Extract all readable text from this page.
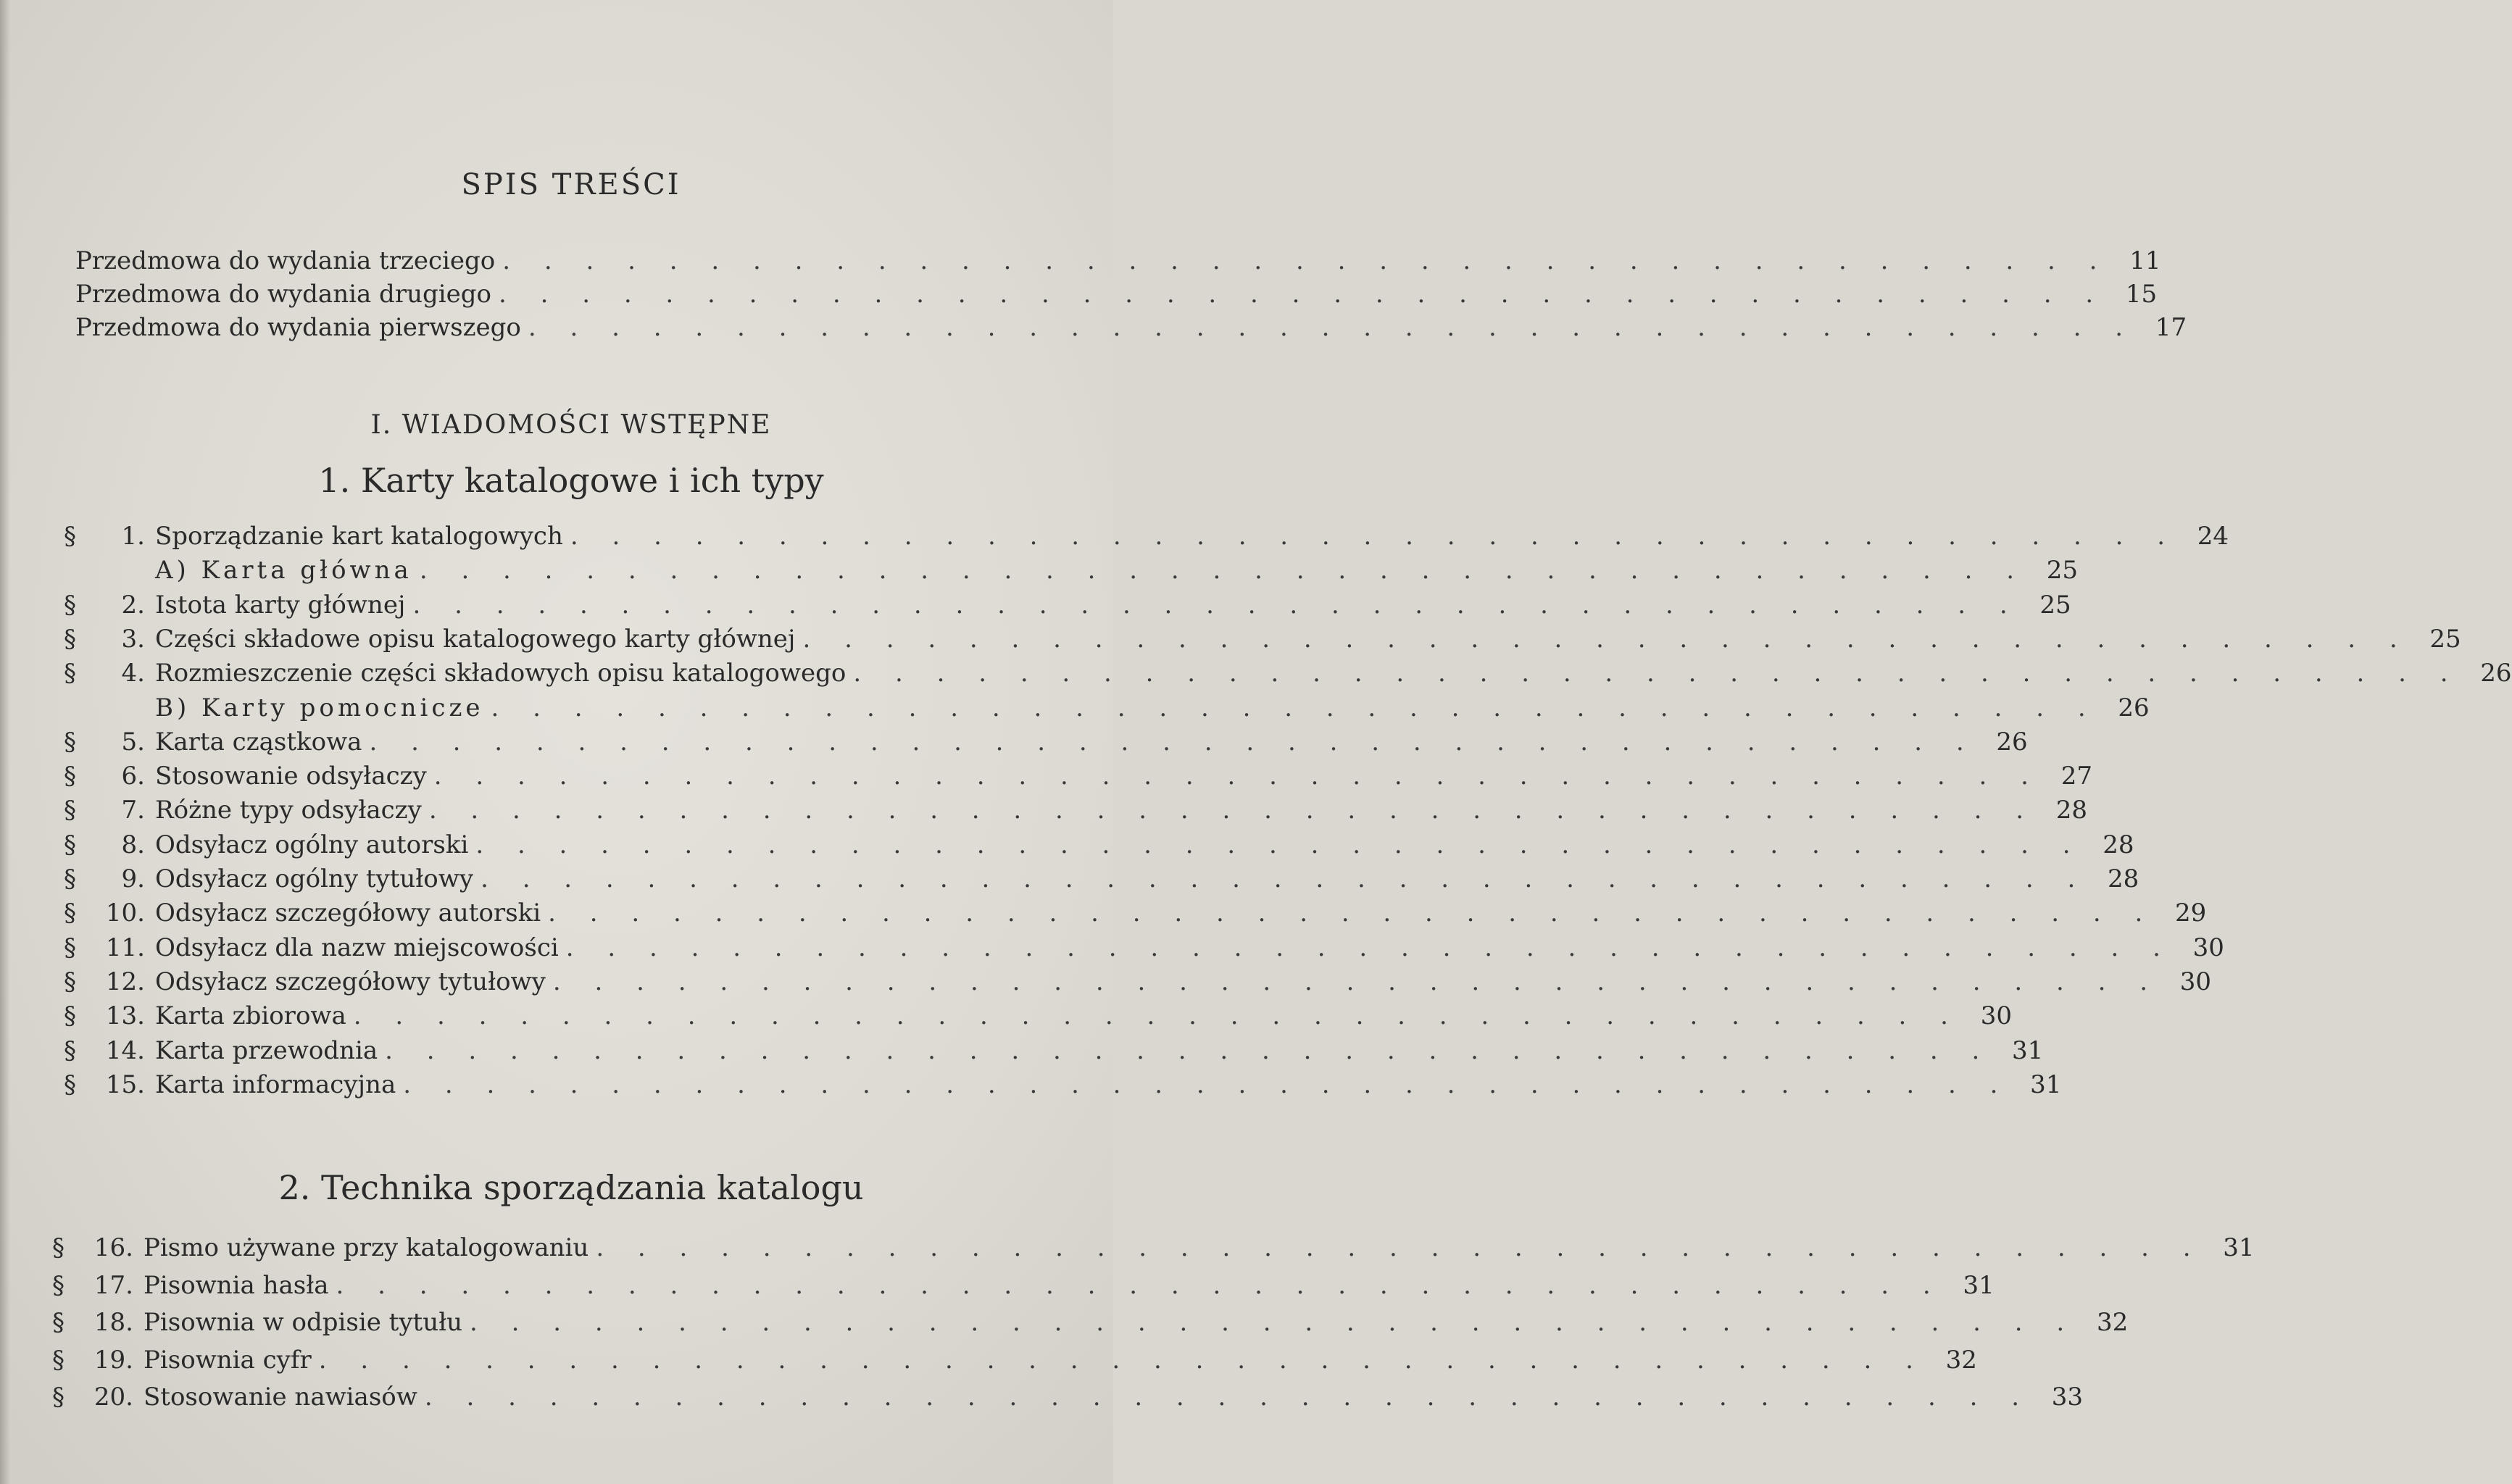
SPIS TREŚCI
Przedmowa do wydania trzeciego . . . . . . . . . . . . . . . . . . . . . . . . . . . . . . . . . . . . . . . 11
Przedmowa do wydania drugiego . . . . . . . . . . . . . . . . . . . . . . . . . . . . . . . . . . . . . . . 15
Przedmowa do wydania pierwszego . . . . . . . . . . . . . . . . . . . . . . . . . . . . . . . . . . . . . . . 17
I. WIADOMOŚCI WSTĘPNE
1. Karty katalogowe i ich typy
§	1. Sporządzanie kart katalogowych . . . . . . . . . . . . . . . . . . . . . . . . . . . . . . . . . . . . . . . 24
A) Karta główna . . . . . . . . . . . . . . . . . . . . . . . . . . . . . . . . . . . . . . . 25
§	2. Istota karty głównej . . . . . . . . . . . . . . . . . . . . . . . . . . . . . . . . . . . . . . . 25
§	3. Części składowe opisu katalogowego karty głównej . . . . . . . . . . . . . . . . . . . . . . . . . . . . . . . . . . . . . . . 25
§	4. Rozmieszczenie części składowych opisu katalogowego . . . . . . . . . . . . . . . . . . . . . . . . . . . . . . . . . . . . . . . 26
B) Karty pomocnicze . . . . . . . . . . . . . . . . . . . . . . . . . . . . . . . . . . . . . . . 26
§	5. Karta cząstkowa . . . . . . . . . . . . . . . . . . . . . . . . . . . . . . . . . . . . . . . 26
§	6. Stosowanie odsyłaczy . . . . . . . . . . . . . . . . . . . . . . . . . . . . . . . . . . . . . . . 27
§	7. Różne typy odsyłaczy . . . . . . . . . . . . . . . . . . . . . . . . . . . . . . . . . . . . . . . 28
§	8. Odsyłacz ogólny autorski . . . . . . . . . . . . . . . . . . . . . . . . . . . . . . . . . . . . . . . 28
§	9. Odsyłacz ogólny tytułowy . . . . . . . . . . . . . . . . . . . . . . . . . . . . . . . . . . . . . . . 28
§	10. Odsyłacz szczegółowy autorski . . . . . . . . . . . . . . . . . . . . . . . . . . . . . . . . . . . . . . . 29
§	11. Odsyłacz dla nazw miejscowości . . . . . . . . . . . . . . . . . . . . . . . . . . . . . . . . . . . . . . . 30
§	12. Odsyłacz szczegółowy tytułowy . . . . . . . . . . . . . . . . . . . . . . . . . . . . . . . . . . . . . . . 30
§	13. Karta zbiorowa . . . . . . . . . . . . . . . . . . . . . . . . . . . . . . . . . . . . . . . 30
§	14. Karta przewodnia . . . . . . . . . . . . . . . . . . . . . . . . . . . . . . . . . . . . . . . 31
§	15. Karta informacyjna . . . . . . . . . . . . . . . . . . . . . . . . . . . . . . . . . . . . . . . 31
2. Technika sporządzania katalogu
§	16. Pismo używane przy katalogowaniu . . . . . . . . . . . . . . . . . . . . . . . . . . . . . . . . . . . . . . . 31
§	17. Pisownia hasła . . . . . . . . . . . . . . . . . . . . . . . . . . . . . . . . . . . . . . . 31
§	18. Pisownia w odpisie tytułu . . . . . . . . . . . . . . . . . . . . . . . . . . . . . . . . . . . . . . . 32
§	19. Pisownia cyfr . . . . . . . . . . . . . . . . . . . . . . . . . . . . . . . . . . . . . . . 32
§	20. Stosowanie nawiasów . . . . . . . . . . . . . . . . . . . . . . . . . . . . . . . . . . . . . . . 33
